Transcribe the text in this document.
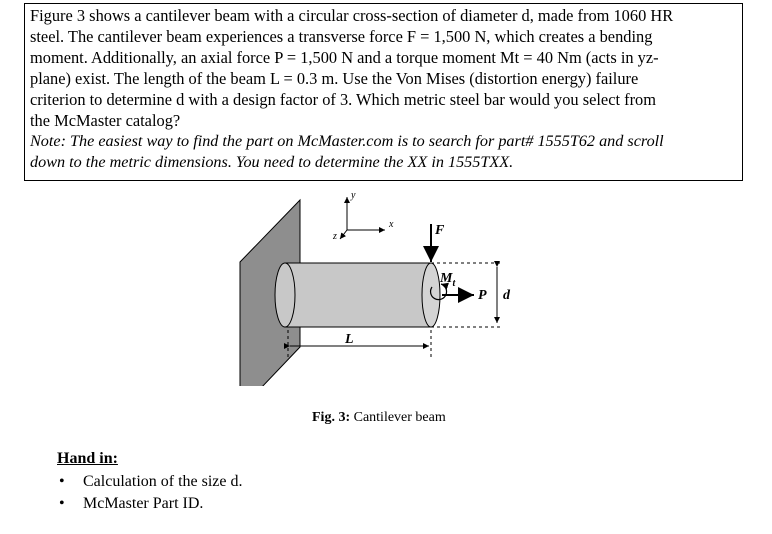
Figure 3 shows a cantilever beam with a circular cross-section of diameter d, made from 1060 HR
steel. The cantilever beam experiences a transverse force F = 1,500 N, which creates a bending
moment. Additionally, an axial force P = 1,500 N and a torque moment Mt = 40 Nm (acts in yz-
plane) exist. The length of the beam L = 0.3 m. Use the Von Mises (distortion energy) failure
criterion to determine d with a design factor of 3. Which metric steel bar would you select from
the McMaster catalog?
Note: The easiest way to find the part on McMaster.com is to search for part# 1555T62 and scroll
down to the metric dimensions. You need to determine the XX in 1555TXX.
L
d
F
$M_t$
P
y
x
z
Fig. 3: Cantilever beam
Hand in:
• Calculation of the size d.
• McMaster Part ID.
